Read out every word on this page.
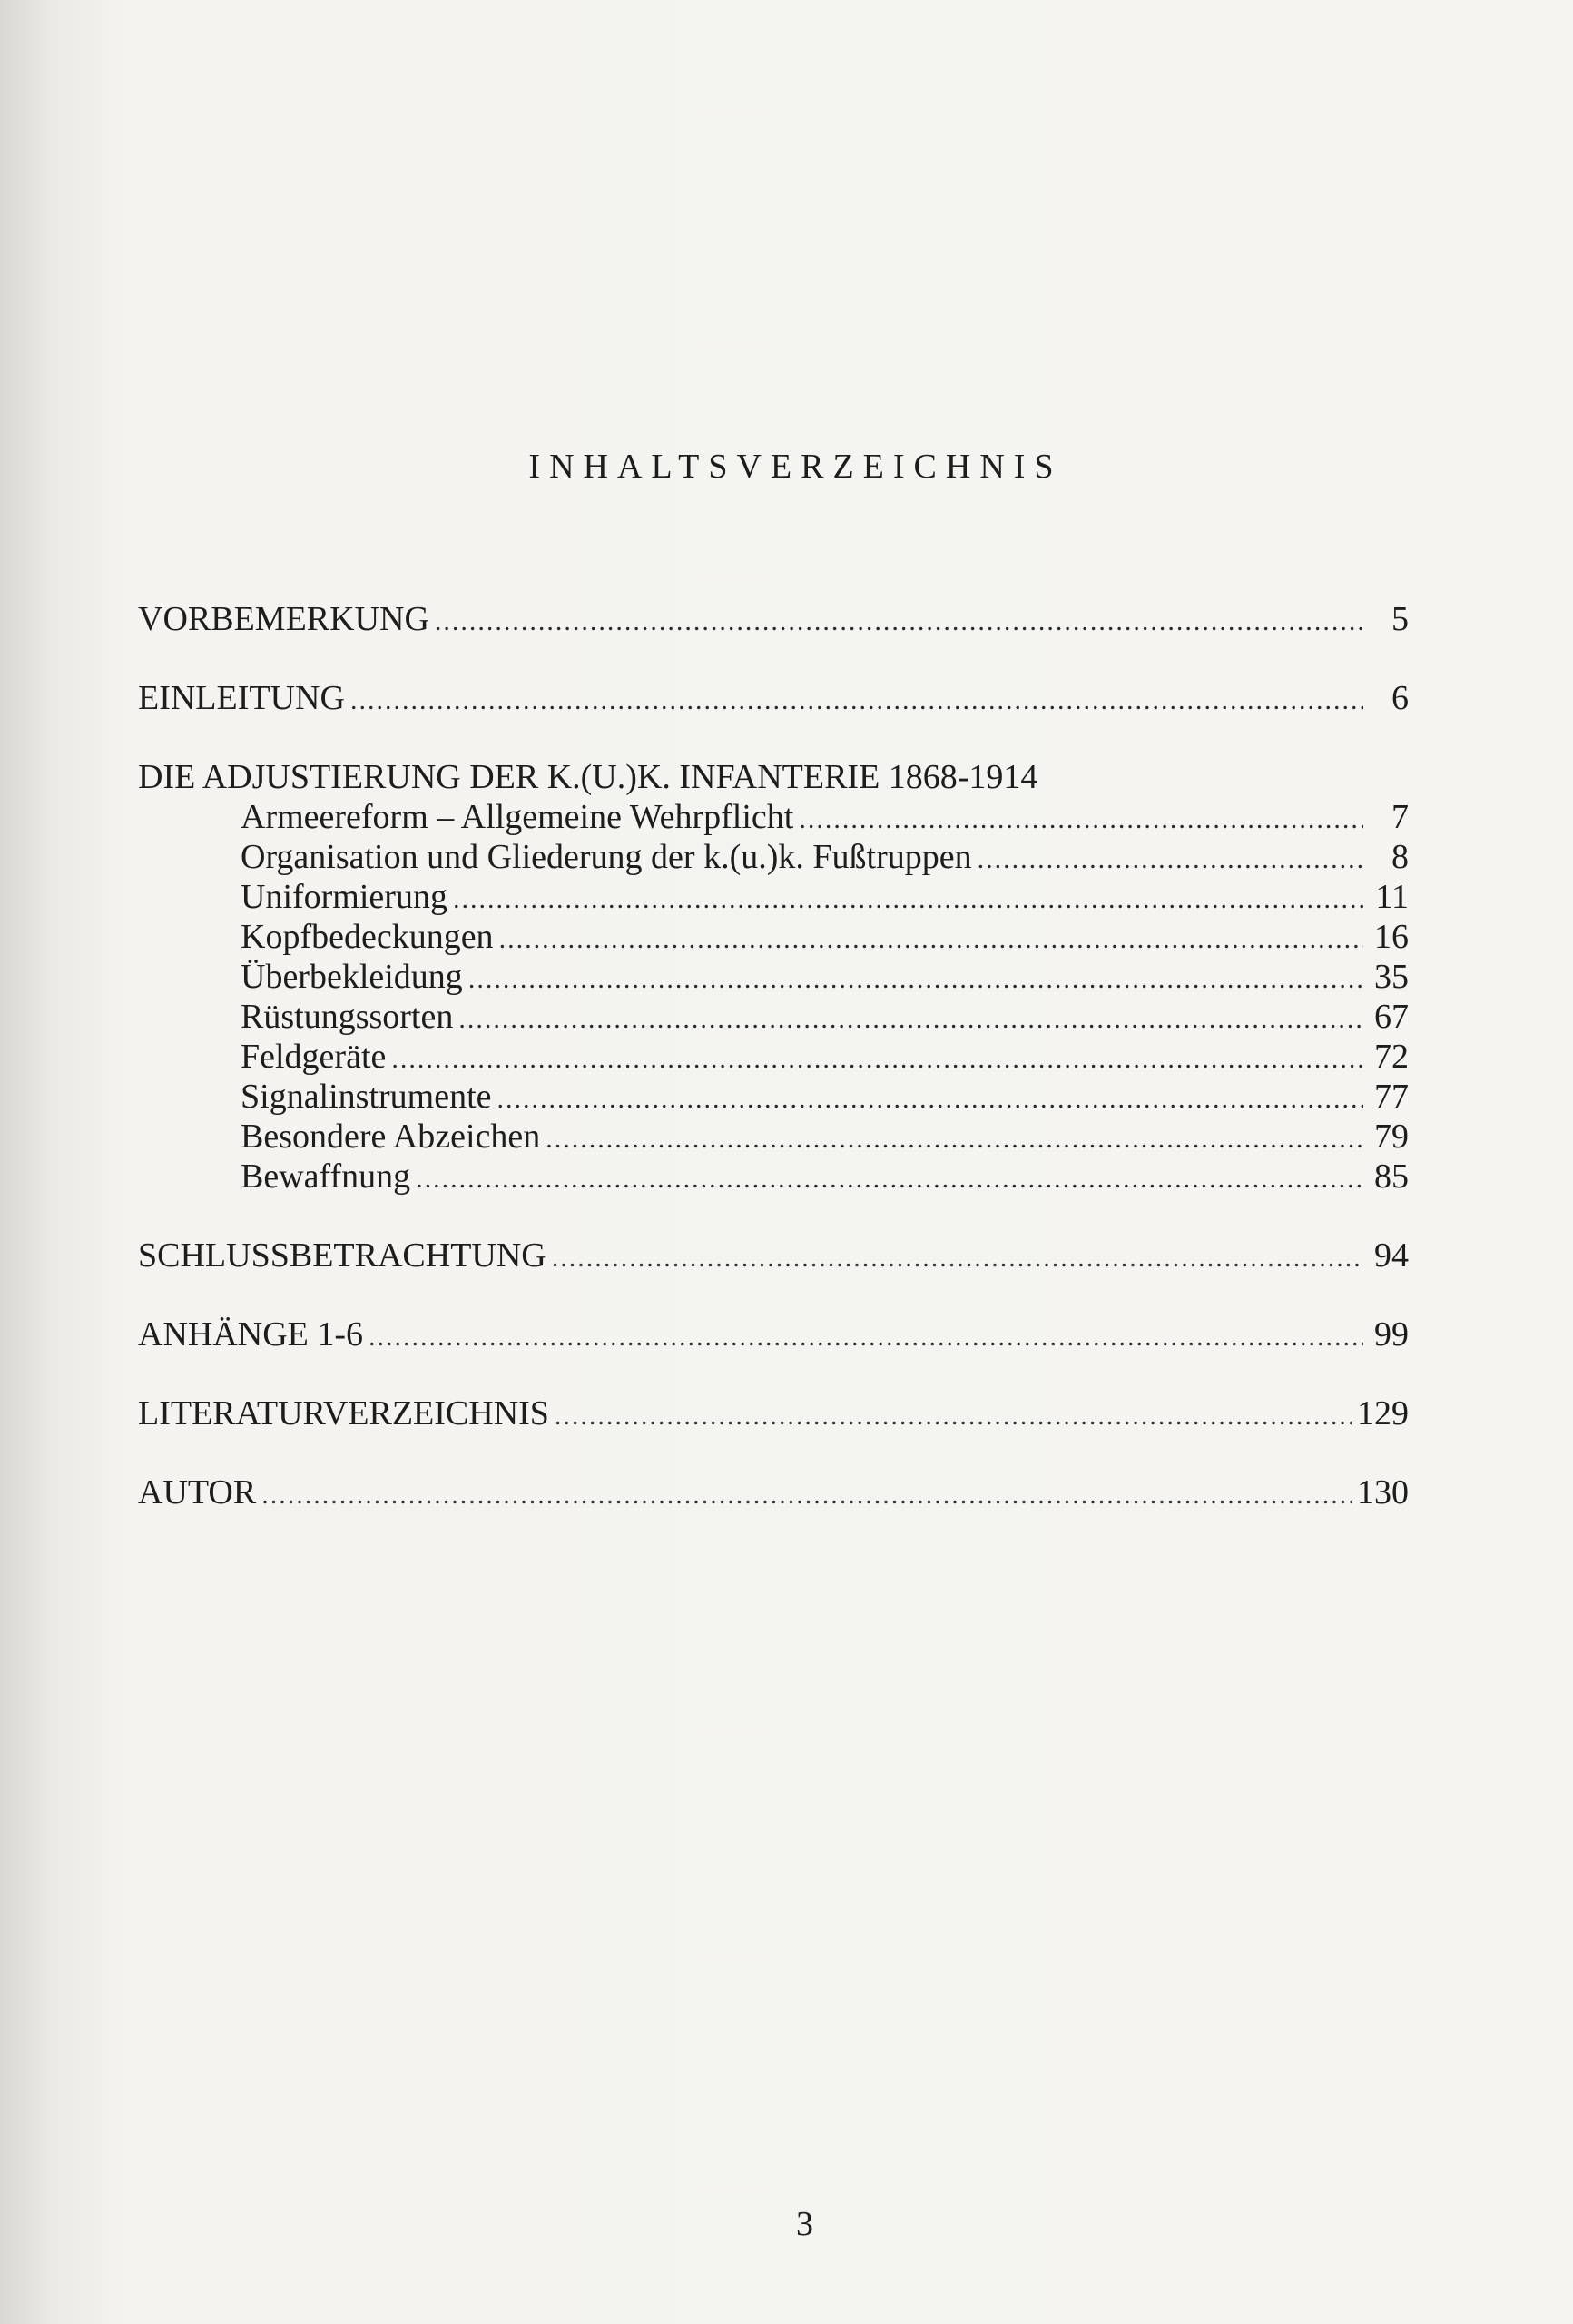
INHALTSVERZEICHNIS
VORBEMERKUNG .....	5
EINLEITUNG .....	6
DIE ADJUSTIERUNG DER K.(U.)K. INFANTERIE 1868-1914
Armeereform – Allgemeine Wehrpflicht .....	7
Organisation und Gliederung der k.(u.)k. Fußtruppen .....	8
Uniformierung .....	11
Kopfbedeckungen .....	16
Überbekleidung .....	35
Rüstungssorten .....	67
Feldgeräte .....	72
Signalinstrumente .....	77
Besondere Abzeichen .....	79
Bewaffnung .....	85
SCHLUSSBETRACHTUNG .....	94
ANHÄNGE 1-6 .....	99
LITERATURVERZEICHNIS .....	129
AUTOR .....	130
3
